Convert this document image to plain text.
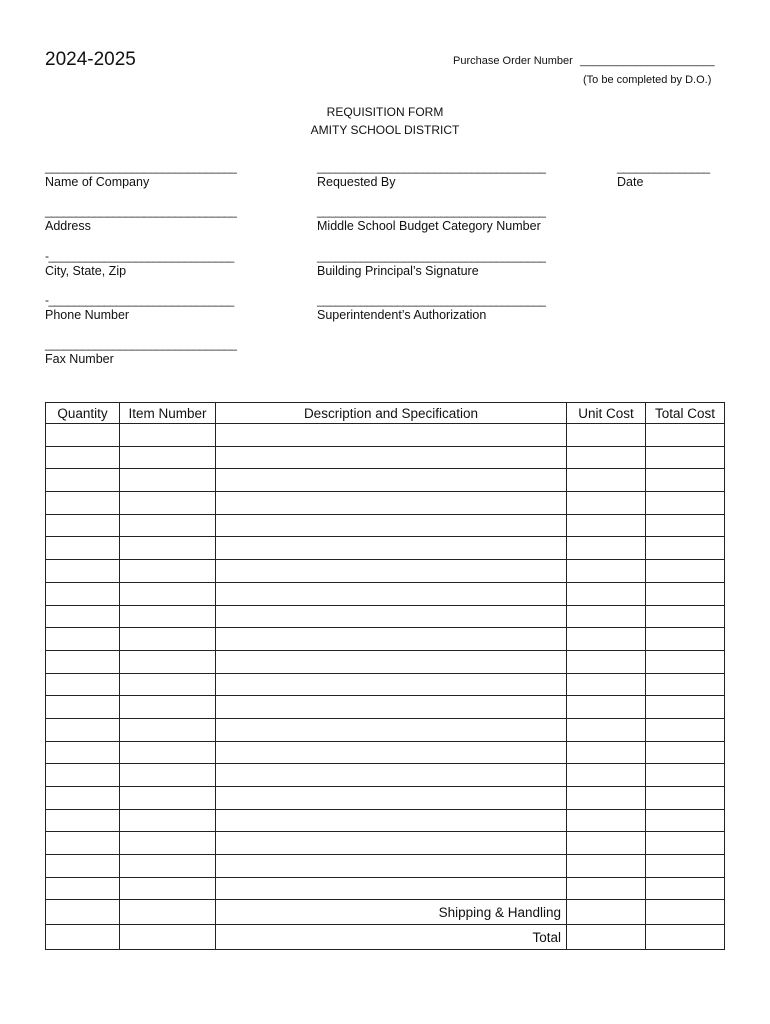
2024-2025	Purchase Order Number ______________________
(To be completed by D.O.)
REQUISITION FORM
AMITY SCHOOL DISTRICT
_______________________________
Name of Company
_______________________________
Address
-______________________________
City, State, Zip
-______________________________
Phone Number
_______________________________
Fax Number
_____________________________________
Requested By
_____________________________________
Middle School Budget Category Number
_____________________________________
Building Principal’s Signature
_____________________________________
Superintendent’s Authorization
_______________
Date
Quantity	Item Number	Description and Specification	Unit Cost	Total Cost

		Shipping & Handling		
		Total		
